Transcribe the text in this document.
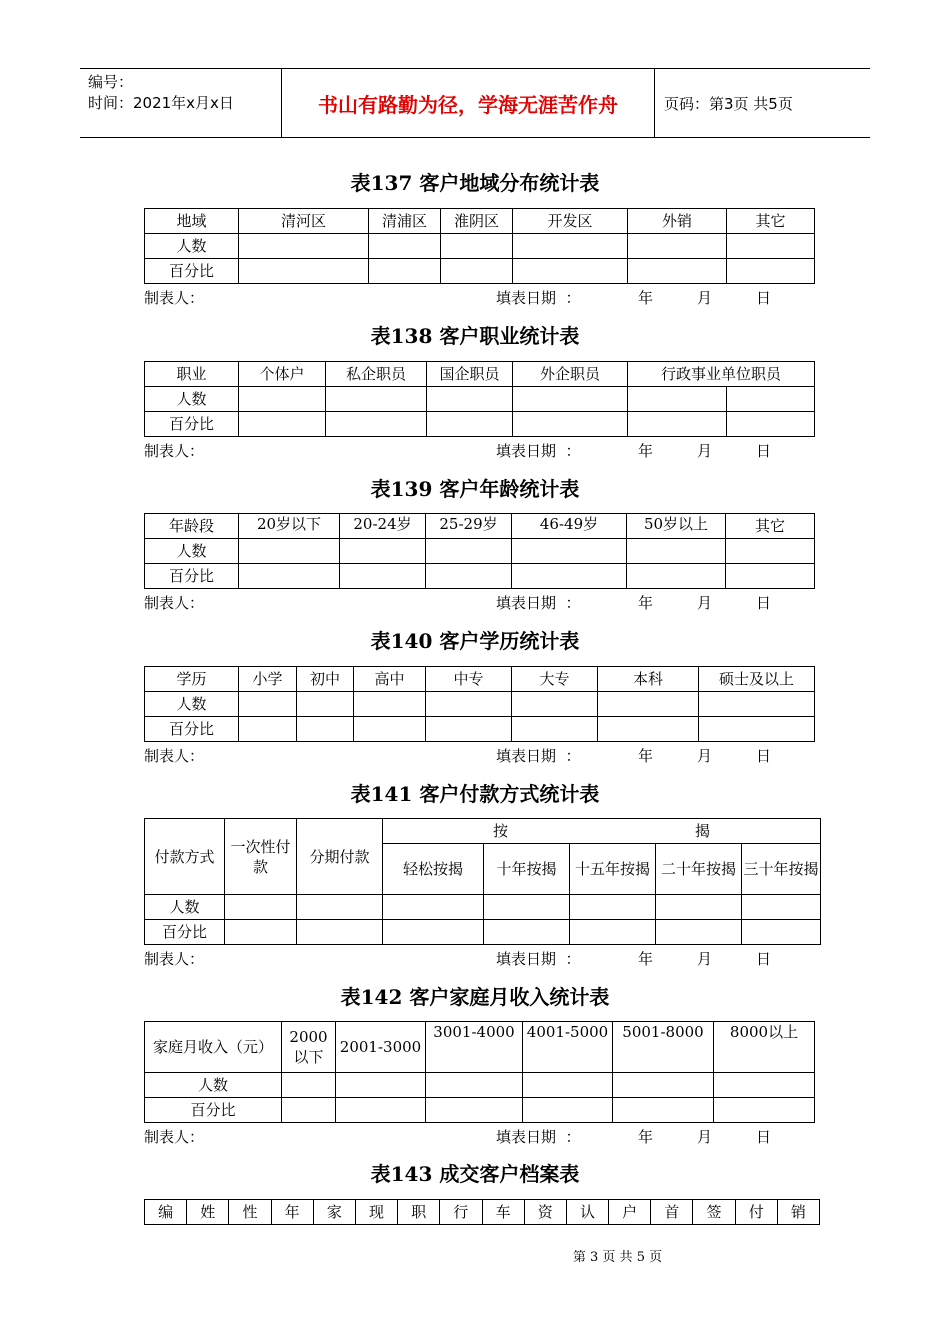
编号：
时间：2021年x月x日	书山有路勤为径，学海无涯苦作舟	页码：第3页 共5页
表137 客户地域分布统计表
地域	清河区	清浦区	淮阴区	开发区	外销	其它
人数						
百分比						
制表人：	填表日期  ：	年	月	日
表138 客户职业统计表
职业	个体户	私企职员	国企职员	外企职员	行政事业单位职员	
人数						
百分比						
制表人：	填表日期  ：	年	月	日
表139 客户年龄统计表
年龄段	20岁以下	20-24岁	25-29岁	46-49岁	50岁以上	其它
人数						
百分比						
制表人：	填表日期  ：	年	月	日
表140 客户学历统计表
学历	小学	初中	高中	中专	大专	本科	硕士及以上
人数							
百分比							
制表人：	填表日期  ：	年	月	日
表141 客户付款方式统计表
付款方式	一次性付款	分期付款	按 揭				

			轻松按揭	十年按揭	十五年按揭	二十年按揭	三十年按揭
人数							
百分比							
制表人：	填表日期  ：	年	月	日
表142 客户家庭月收入统计表
家庭月收入（元）	2000以下	2001-3000	3001-4000	4001-5000	5001-8000	8000以上
人数						
百分比						
制表人：	填表日期  ：	年	月	日
表143 成交客户档案表
编	姓	性	年	家	现	职	行	车	资	认	户	首	签	付	销
第 3 页 共 5 页
